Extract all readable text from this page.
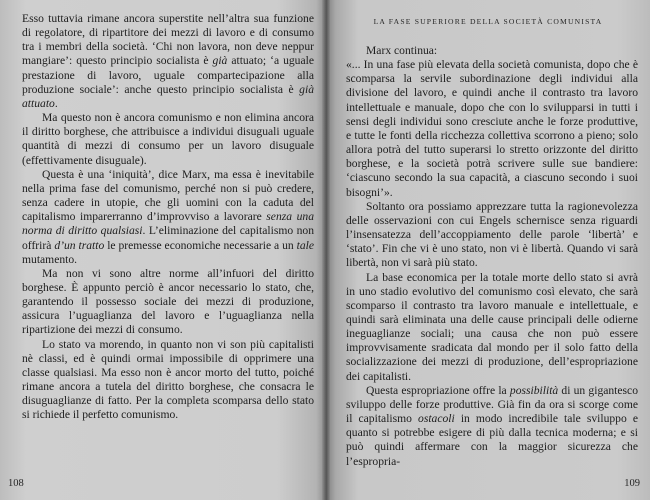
Esso tuttavia rimane ancora superstite nell’altra sua funzione di regolatore, di ripartitore dei mezzi di lavoro e di consumo tra i membri della società. ‘Chi non lavora, non deve neppur mangiare’: questo principio socialista è già attuato; ‘a uguale prestazione di lavoro, uguale compartecipazione alla produzione sociale’: anche questo principio socialista è già attuato.

Ma questo non è ancora comunismo e non elimina ancora il diritto borghese, che attribuisce a individui disuguali uguale quantità di mezzi di consumo per un lavoro disuguale (effettivamente disuguale).

Questa è una ‘iniquità’, dice Marx, ma essa è inevitabile nella prima fase del comunismo, perché non si può credere, senza cadere in utopie, che gli uomini con la caduta del capitalismo imparerranno d’improvviso a lavorare senza una norma di diritto qualsiasi. L’eliminazione del capitalismo non offrirà d’un tratto le premesse economiche necessarie a un tale mutamento.

Ma non vi sono altre norme all’infuori del diritto borghese. È appunto perciò è ancor necessario lo stato, che, garantendo il possesso sociale dei mezzi di produzione, assicura l’uguaglianza del lavoro e l’uguaglianza nella ripartizione dei mezzi di consumo.

Lo stato va morendo, in quanto non vi son più capitalisti nè classi, ed è quindi ormai impossibile di opprimere una classe qualsiasi. Ma esso non è ancor morto del tutto, poiché rimane ancora a tutela del diritto borghese, che consacra le disuguaglianze di fatto. Per la completa scomparsa dello stato si richiede il perfetto comunismo.

108
LA FASE SUPERIORE DELLA SOCIETÀ COMUNISTA

Marx continua:

«... In una fase più elevata della società comunista, dopo che è scomparsa la servile subordinazione degli individui alla divisione del lavoro, e quindi anche il contrasto tra lavoro intellettuale e manuale, dopo che con lo svilupparsi in tutti i sensi degli individui sono cresciute anche le forze produttive, e tutte le fonti della ricchezza collettiva scorrono a pieno; solo allora potrà del tutto superarsi lo stretto orizzonte del diritto borghese, e la società potrà scrivere sulle sue bandiere: ‘ciascuno secondo la sua capacità, a ciascuno secondo i suoi bisogni’».

Soltanto ora possiamo apprezzare tutta la ragionevolezza delle osservazioni con cui Engels schernisce senza riguardi l’insensatezza dell’accoppiamento delle parole ‘libertà’ e ‘stato’. Fin che vi è uno stato, non vi è libertà. Quando vi sarà libertà, non vi sarà più stato.

La base economica per la totale morte dello stato si avrà in uno stadio evolutivo del comunismo così elevato, che sarà scomparso il contrasto tra lavoro manuale e intellettuale, e quindi sarà eliminata una delle cause principali delle odierne ineguaglianze sociali; una causa che non può essere improvvisamente sradicata dal mondo per il solo fatto della socializzazione dei mezzi di produzione, dell’espropriazione dei capitalisti.

Questa espropriazione offre la possibilità di un gigantesco sviluppo delle forze produttive. Già fin da ora si scorge come il capitalismo ostacoli in modo incredibile tale sviluppo e quanto si potrebbe esigere di più dalla tecnica moderna; e si può quindi affermare con la maggior sicurezza che l’espropria-

109
